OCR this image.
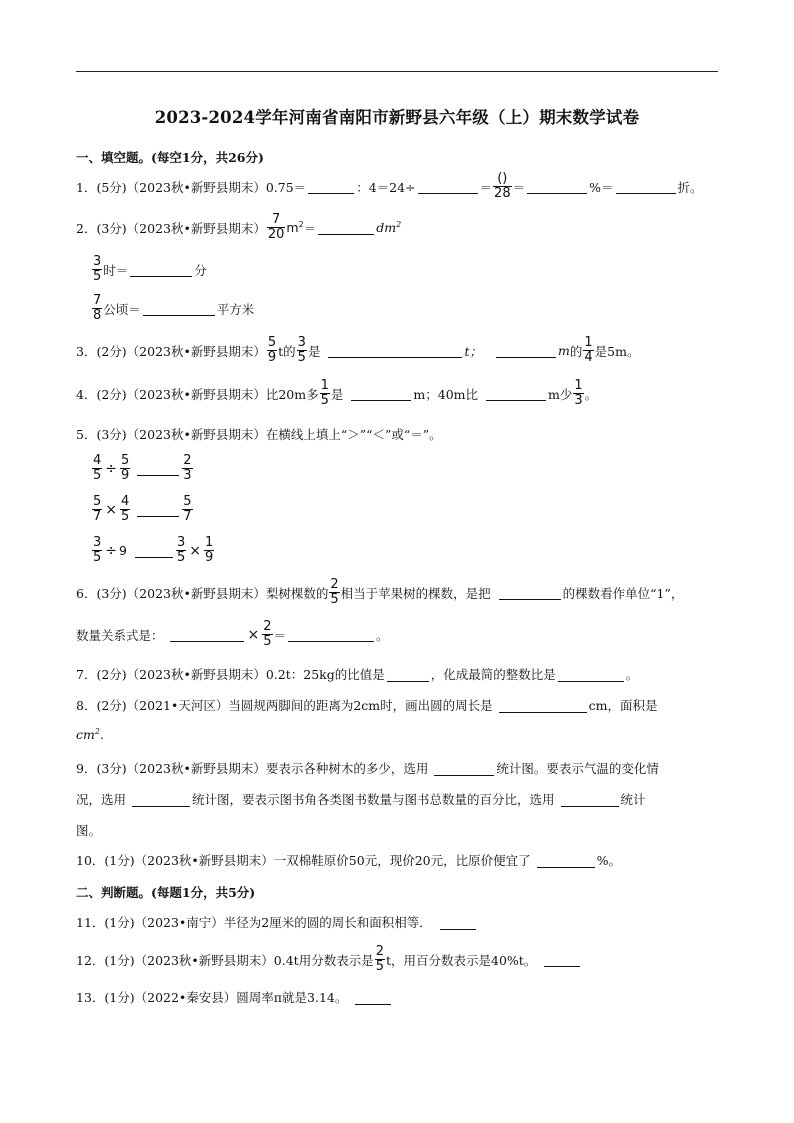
2023-2024学年河南省南阳市新野县六年级（上）期末数学试卷
一、填空题。(每空1分，共26分)
1．(5分)（2023秋•新野县期末）0.75＝	：4＝24÷	＝ $\frac{()}{28}$ ＝	%＝	折。
2．(3分)（2023秋•新野县期末） $\frac{7}{20} m^2$ ＝	$dm^2$
$\frac{3}{5}$ 时＝	分
$\frac{7}{8}$ 公顷＝	平方米
3．(2分)（2023秋•新野县期末） $\frac{5}{9}$ t的 $\frac{3}{5}$ 是	t；	m 的 $\frac{1}{4}$ 是5m。
4．(2分)（2023秋•新野县期末）比20m多 $\frac{1}{5}$ 是	m；40m比	m少 $\frac{1}{3}$ 。
5．(3分)（2023秋•新野县期末）在横线上填上“＞”“＜”或“＝”。
$\frac{4}{5} \div \frac{5}{9}$	$\frac{2}{3}$
$\frac{5}{7} \times \frac{4}{5}$	$\frac{5}{7}$
$\frac{3}{5} \div 9$	$\frac{3}{5} \times \frac{1}{9}$
6．(3分)（2023秋•新野县期末）梨树棵数的 $\frac{2}{5}$ 相当于苹果树的棵数，是把	的棵数看作单位“1”，
数量关系式是：	× $\frac{2}{5}$ ＝	。
7．(2分)（2023秋•新野县期末）0.2t：25kg的比值是	，化成最简的整数比是	。
8．(2分)（2021•天河区）当圆规两脚间的距离为2cm时，画出圆的周长是	cm，面积是
$cm^2$ .
9．(3分)（2023秋•新野县期末）要表示各种树木的多少，选用	统计图。要表示气温的变化情
况，选用	统计图，要表示图书角各类图书数量与图书总数量的百分比，选用	统计
图。
10．(1分)（2023秋•新野县期末）一双棉鞋原价50元，现价20元，比原价便宜了	%。
二、判断题。(每题1分，共5分)
11．(1分)（2023•南宁）半径为2厘米的圆的周长和面积相等．
12．(1分)（2023秋•新野县期末）0.4t用分数表示是 $\frac{2}{5}$ t，用百分数表示是40%t。
13．(1分)（2022•秦安县）圆周率π就是3.14。
